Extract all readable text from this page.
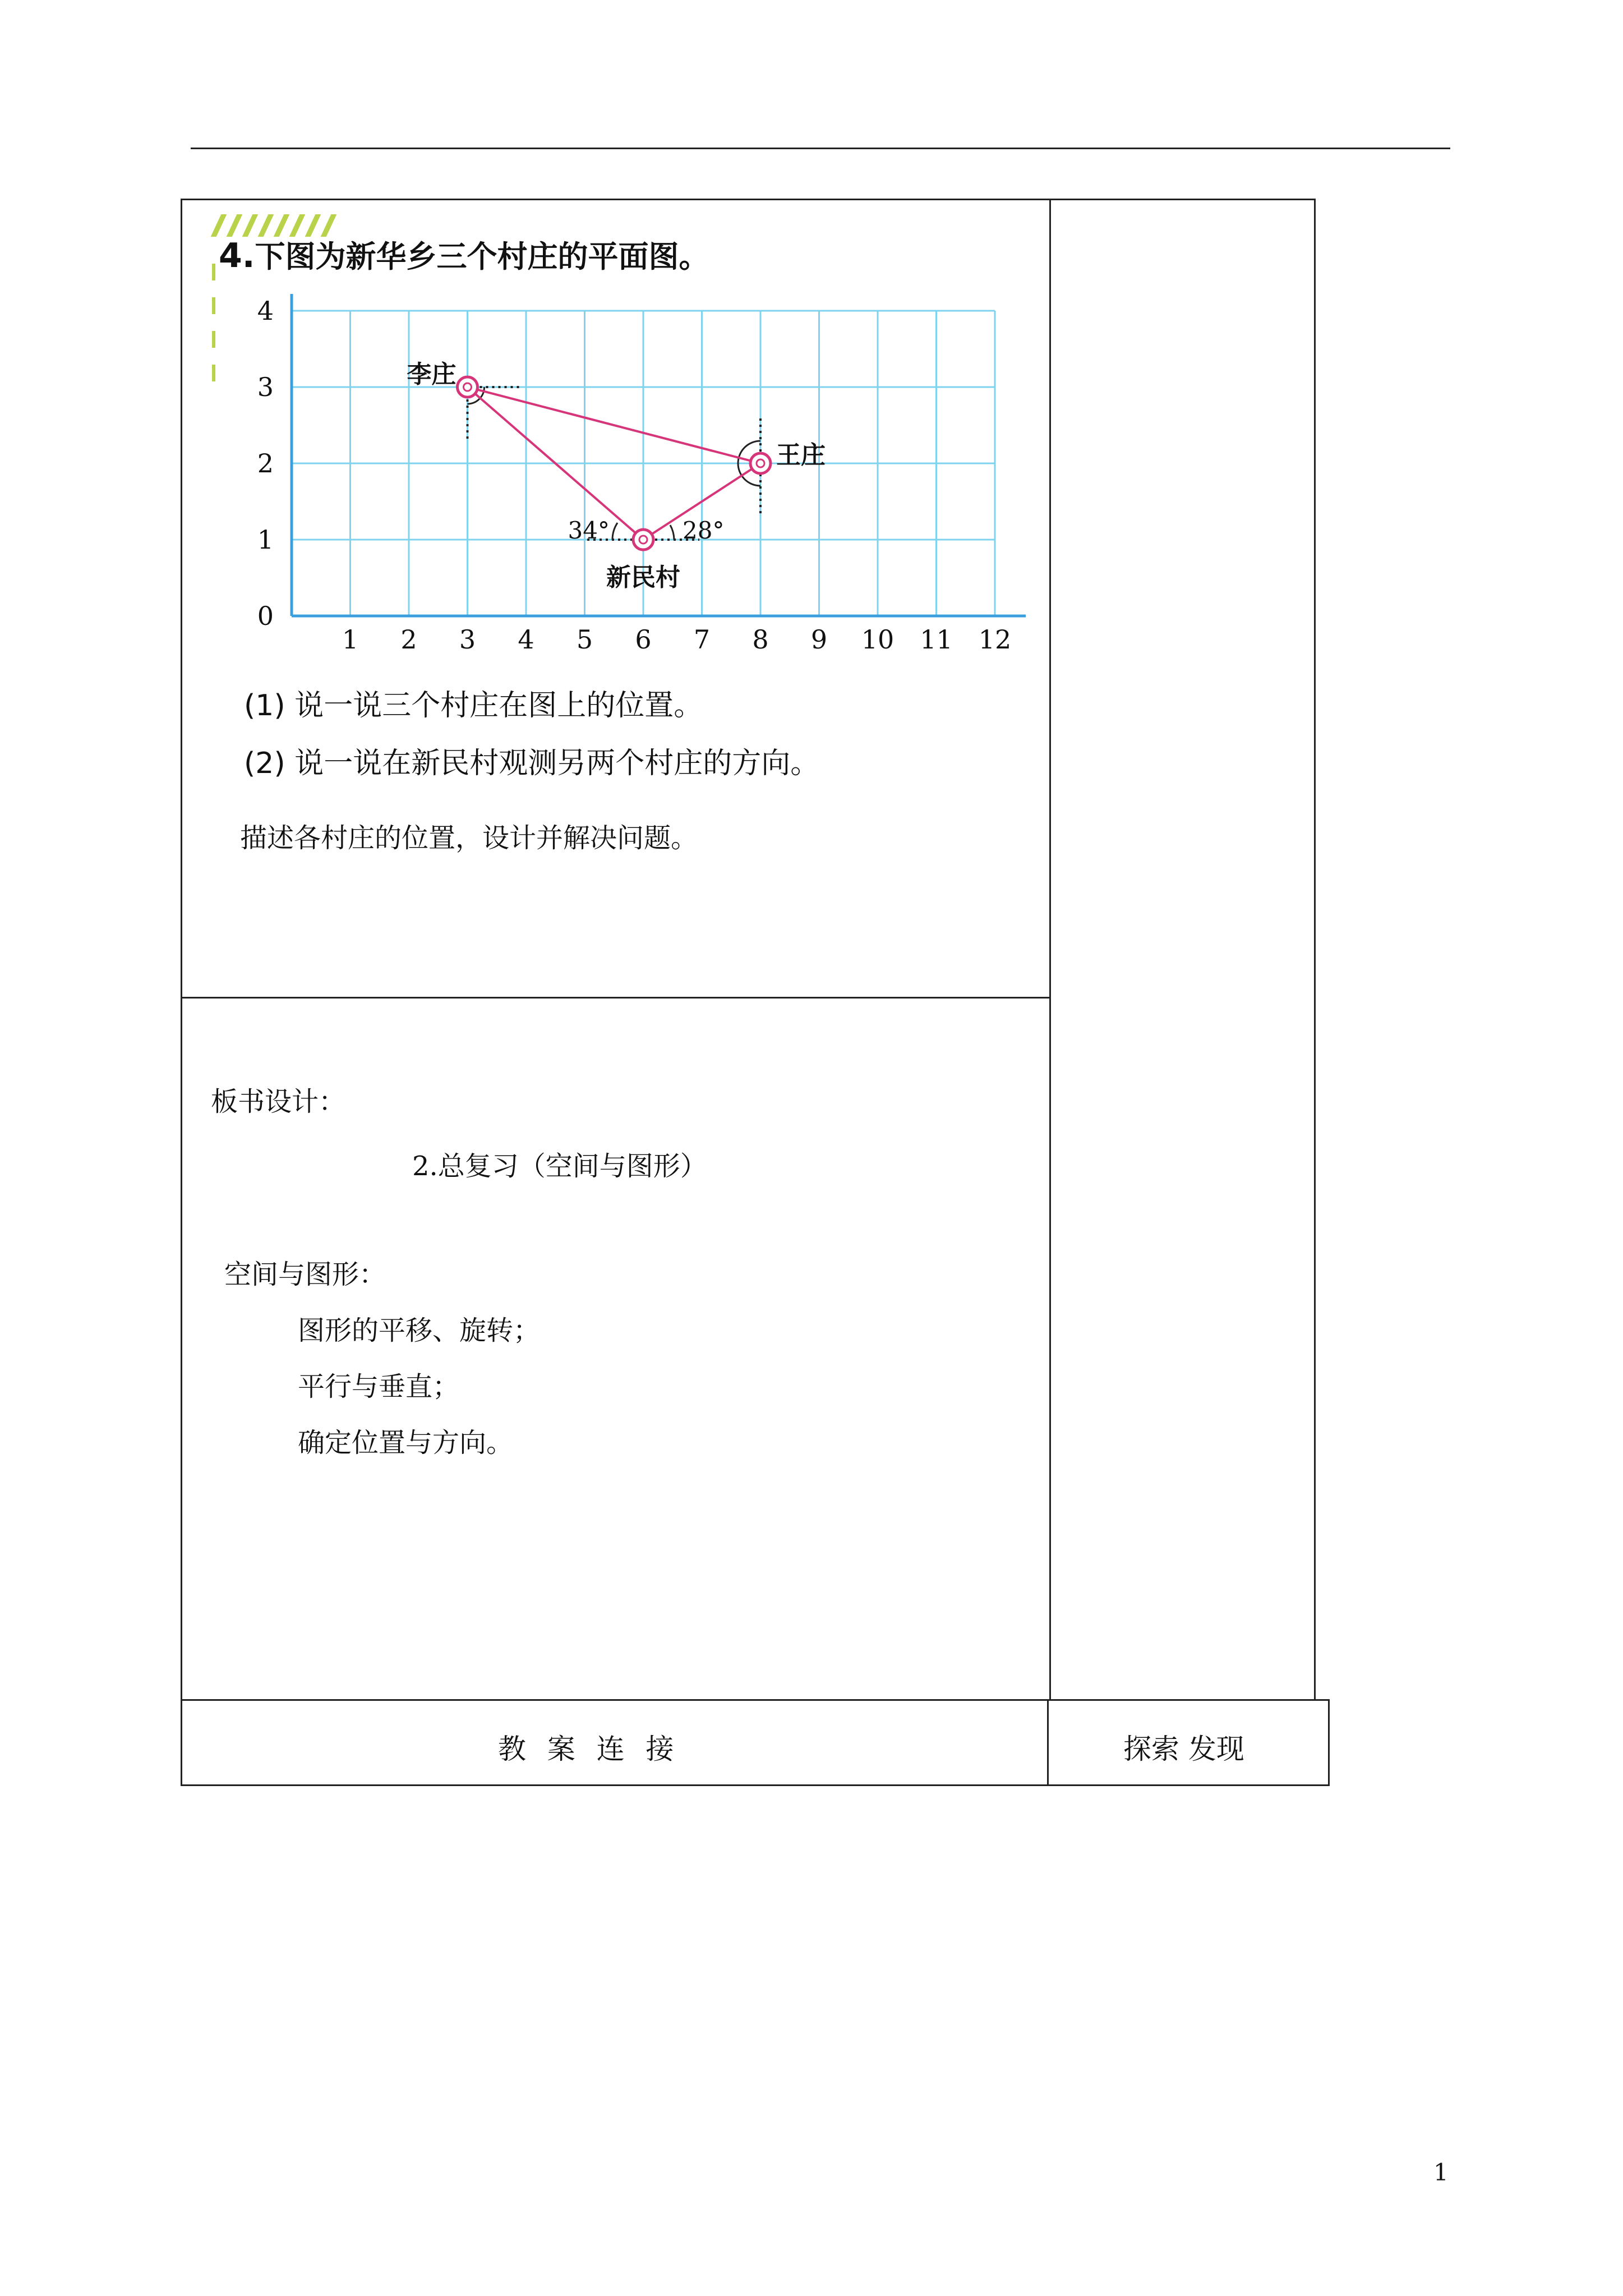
4.下图为新华乡三个村庄的平面图。
1 2 3 4 5 6 7 8 9 10 11 12
0
1
2
3
4
李庄
王庄
新民村
34°	28°
(1) 说一说三个村庄在图上的位置。
(2) 说一说在新民村观测另两个村庄的方向。
描述各村庄的位置，设计并解决问题。
板书设计：
2.总复习（空间与图形）
空间与图形：
图形的平移、旋转；
平行与垂直；
确定位置与方向。
教  案  连  接	探索 发现
1
